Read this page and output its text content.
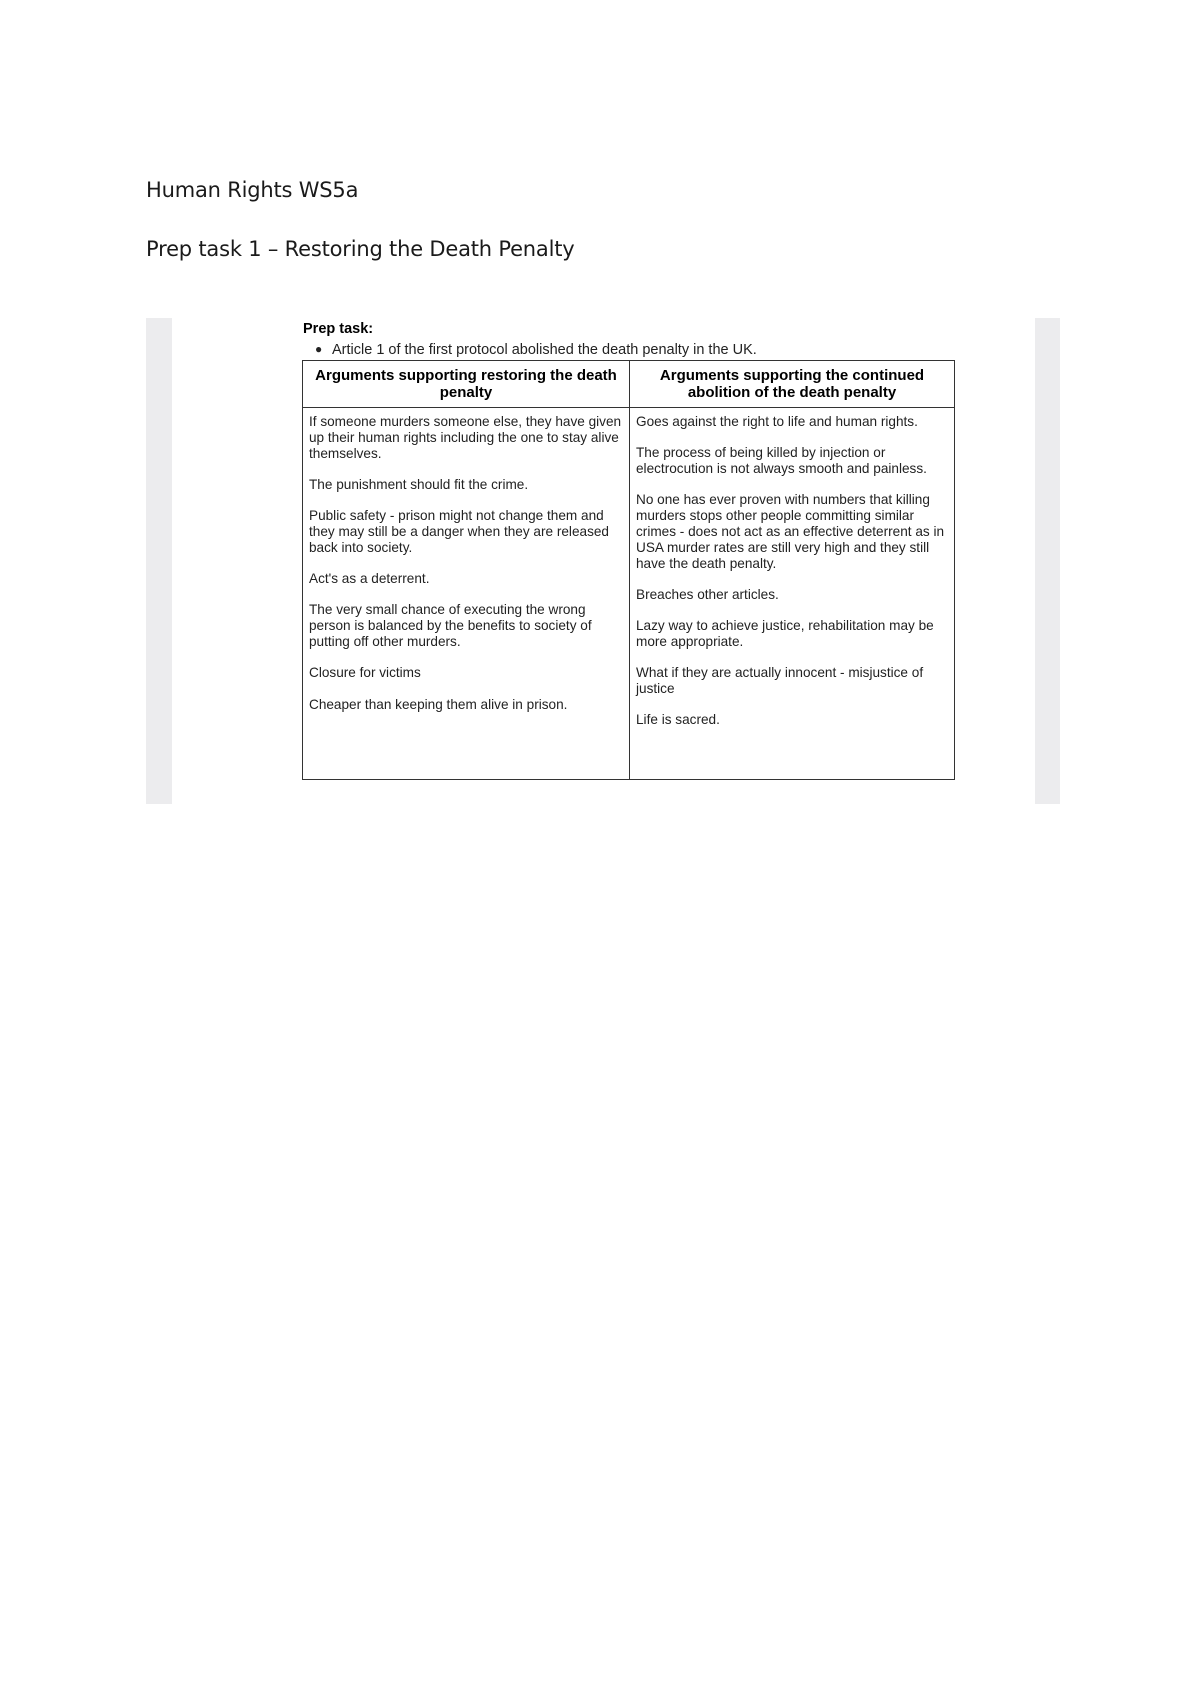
Human Rights WS5a
Prep task 1 – Restoring the Death Penalty
Prep task:
● Article 1 of the first protocol abolished the death penalty in the UK.
Arguments supporting restoring the death penalty

If someone murders someone else, they have given up their human rights including the one to stay alive themselves.

The punishment should fit the crime.

Public safety - prison might not change them and they may still be a danger when they are released back into society.

Act's as a deterrent.

The very small chance of executing the wrong person is balanced by the benefits to society of putting off other murders.

Closure for victims

Cheaper than keeping them alive in prison.

Arguments supporting the continued abolition of the death penalty

Goes against the right to life and human rights.

The process of being killed by injection or electrocution is not always smooth and painless.

No one has ever proven with numbers that killing murders stops other people committing similar crimes - does not act as an effective deterrent as in USA murder rates are still very high and they still have the death penalty.

Breaches other articles.

Lazy way to achieve justice, rehabilitation may be more appropriate.

What if they are actually innocent - misjustice of justice

Life is sacred.
